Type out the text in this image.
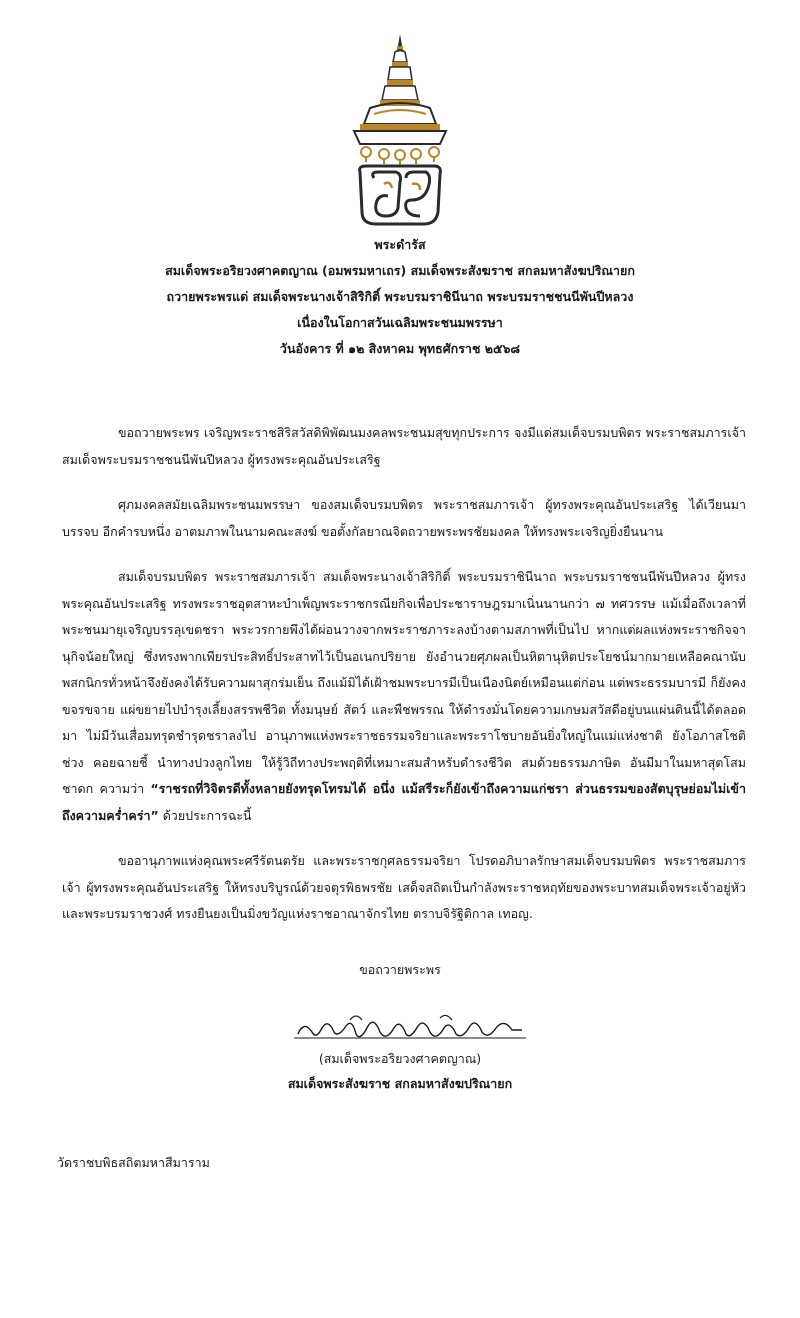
พระดำรัส
สมเด็จพระอริยวงศาคตญาณ (อมพรมหาเถร) สมเด็จพระสังฆราช สกลมหาสังฆปริณายก
ถวายพระพรแด่ สมเด็จพระนางเจ้าสิริกิติ์ พระบรมราชินีนาถ พระบรมราชชนนีพันปีหลวง
เนื่องในโอกาสวันเฉลิมพระชนมพรรษา
วันอังคาร ที่ ๑๒ สิงหาคม พุทธศักราช ๒๕๖๘

ขอถวายพระพร เจริญพระราชสิริสวัสดิพิพัฒนมงคลพระชนมสุขทุกประการ จงมีแด่สมเด็จบรมบพิตร พระราชสมภารเจ้า สมเด็จพระบรมราชชนนีพันปีหลวง ผู้ทรงพระคุณอันประเสริฐ

ศุภมงคลสมัยเฉลิมพระชนมพรรษา ของสมเด็จบรมบพิตร พระราชสมภารเจ้า ผู้ทรงพระคุณอันประเสริฐ ได้เวียนมาบรรจบ อีกคำรบหนึ่ง อาตมภาพในนามคณะสงฆ์ ขอตั้งกัลยาณจิตถวายพระพรชัยมงคล ให้ทรงพระเจริญยิ่งยืนนาน

สมเด็จบรมบพิตร พระราชสมภารเจ้า สมเด็จพระนางเจ้าสิริกิติ์ พระบรมราชินีนาถ พระบรมราชชนนีพันปีหลวง ผู้ทรงพระคุณอันประเสริฐ ทรงพระราชอุตสาหะบำเพ็ญพระราชกรณียกิจเพื่อประชาราษฎรมาเนิ่นนานกว่า ๗ ทศวรรษ แม้เมื่อถึงเวลาที่พระชนมายุเจริญบรรลุเขตชรา พระวรกายพึงได้ผ่อนวางจากพระราชภาระลงบ้างตามสภาพที่เป็นไป หากแต่ผลแห่งพระราชกิจจานุกิจน้อยใหญ่ ซึ่งทรงพากเพียรประสิทธิ์ประสาทไว้เป็นอเนกปริยาย ยังอำนวยศุภผลเป็นหิตานุหิตประโยชน์มากมายเหลือคณานับ พสกนิกรทั่วหน้าจึงยังคงได้รับความผาสุกร่มเย็น ถึงแม้มิได้เฝ้าชมพระบารมีเป็นเนืองนิตย์เหมือนแต่ก่อน แต่พระธรรมบารมี ก็ยังคงขจรขจาย แผ่ขยายไปบำรุงเลี้ยงสรรพชีวิต ทั้งมนุษย์ สัตว์ และพืชพรรณ ให้ดำรงมั่นโดยความเกษมสวัสดีอยู่บนแผ่นดินนี้ได้ตลอดมา ไม่มีวันเสื่อมทรุดชำรุดชราลงไป อานุภาพแห่งพระราชธรรมจริยาและพระราโชบายอันยิ่งใหญ่ในแม่แห่งชาติ ยังโอภาสโชติช่วง คอยฉายชี้ นำทางปวงลูกไทย ให้รู้วิถีทางประพฤติที่เหมาะสมสำหรับดำรงชีวิต สมด้วยธรรมภาษิต อันมีมาในมหาสุตโสมชาดก ความว่า “ราชรถที่วิจิตรดีทั้งหลายยังทรุดโทรมได้ อนึ่ง แม้สรีระก็ยังเข้าถึงความแก่ชรา ส่วนธรรมของสัตบุรุษย่อมไม่เข้าถึงความคร่ำคร่า” ด้วยประการฉะนี้

ขออานุภาพแห่งคุณพระศรีรัตนตรัย และพระราชกุศลธรรมจริยา โปรดอภิบาลรักษาสมเด็จบรมบพิตร พระราชสมภารเจ้า ผู้ทรงพระคุณอันประเสริฐ ให้ทรงบริบูรณ์ด้วยจตุรพิธพรชัย เสด็จสถิตเป็นกำลังพระราชหฤทัยของพระบาทสมเด็จพระเจ้าอยู่หัว และพระบรมราชวงศ์ ทรงยืนยงเป็นมิ่งขวัญแห่งราชอาณาจักรไทย ตราบจิรัฐิติกาล เทอญ.

ขอถวายพระพร
(สมเด็จพระอริยวงศาคตญาณ)
สมเด็จพระสังฆราช สกลมหาสังฆปริณายก
วัดราชบพิธสถิตมหาสีมาราม
